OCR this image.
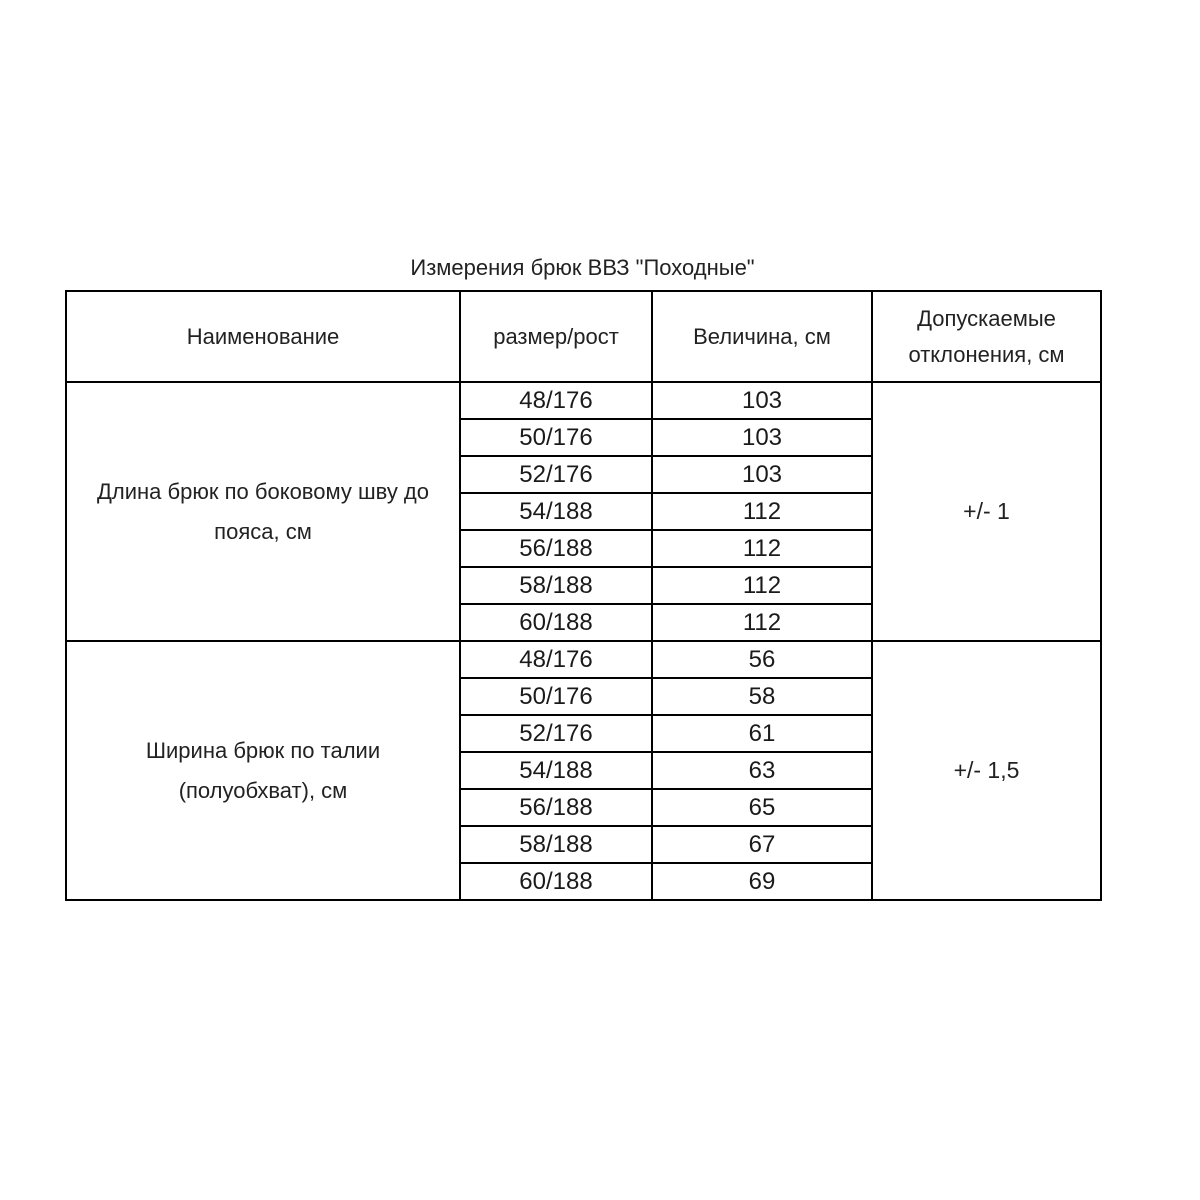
Измерения брюк ВВЗ "Походные"
Наименование	размер/рост	Величина, см	Допускаемые отклонения, см
Длина брюк по боковому шву до пояса, см	48/176	103	+/- 1
	50/176	103	
	52/176	103	
	54/188	112	
	56/188	112	
	58/188	112	
	60/188	112	
Ширина брюк по талии (полуобхват), см	48/176	56	+/- 1,5
	50/176	58	
	52/176	61	
	54/188	63	
	56/188	65	
	58/188	67	
	60/188	69	
